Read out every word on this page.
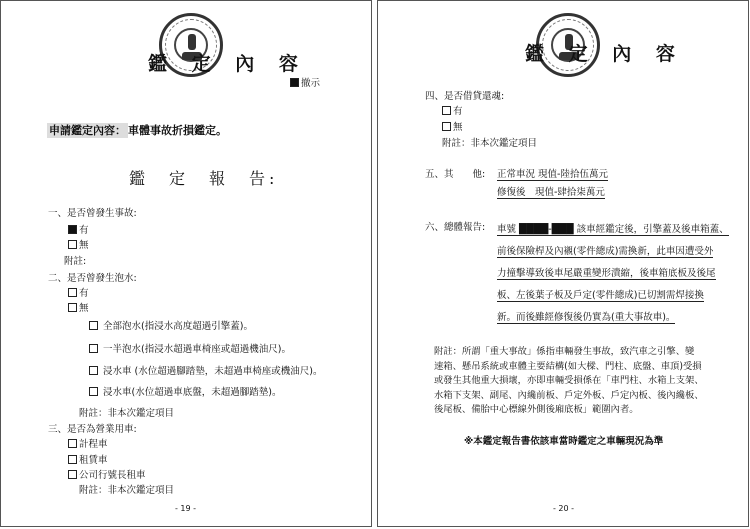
鑑 定 內 容
撤示
申請鑑定內容： 車體事故折損鑑定。
鑑　定　報　告:
一、是否曾發生事故:
有
無
附註:
二、是否曾發生泡水:
有
無
全部泡水(指浸水高度超過引擎蓋)。
一半泡水(指浸水超過車椅座或超過機油尺)。
浸水車 (水位超過腳踏墊，未超過車椅座或機油尺)。
浸水車(水位超過車底盤，未超過腳踏墊)。
附註：非本次鑑定項目
三、是否為營業用車:
計程車
租賃車
公司行號長租車
附註：非本次鑑定項目
- 19 -
鑑 定 內 容
四、是否借貸還魂:
有
無
附註：非本次鑑定項目
五、其　　他: 正常車況 現值-陸拾伍萬元
修復後　現值-肆拾柒萬元
六、總體報告: 車號 ████-███ 該車經鑑定後，引擎蓋及後車箱蓋、
前後保險桿及內襯(零件總成)需換新，此車因遭受外
力撞擊導致後車尾嚴重變形潰縮，後車箱底板及後尾
板、左後葉子板及戶定(零件總成)已切割需焊接換
新。而後雖經修復後仍實為(重大事故車)。
附註：所謂「重大事故」係指車輛發生事故，致汽車之引擎、變
速箱、懸吊系統或車體主要結構(如大樑、門柱、底盤、車頂)受損
或發生其他重大損壞，亦即車輛受損係在「車門柱、水箱上支架、
水箱下支架、副尾、內纔前板、戶定外板、戶定內板、後內纔板、
後尾板、備胎中心標線外側後廂底板」範圍內者。
※本鑑定報告書依該車當時鑑定之車輛現況為準
- 20 -
